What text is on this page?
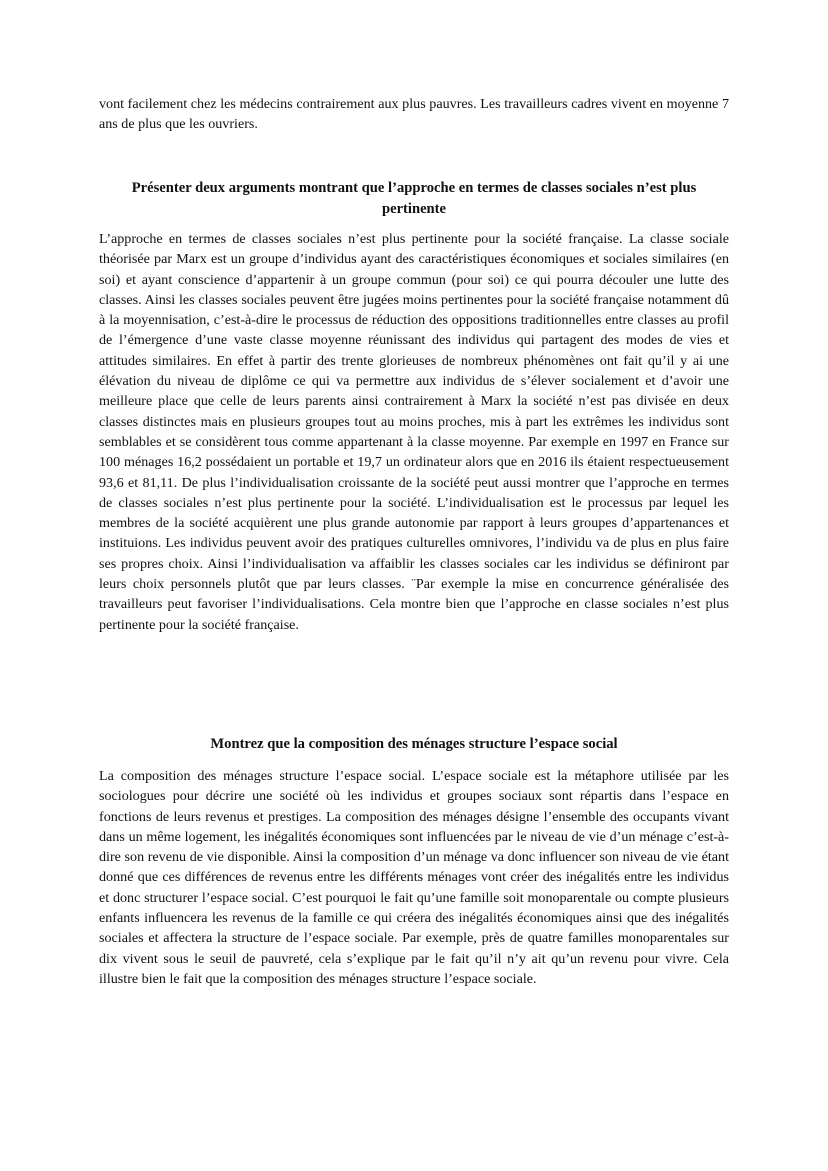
vont facilement chez les médecins contrairement aux plus pauvres. Les travailleurs cadres vivent en moyenne 7 ans de plus que les ouvriers.

Présenter deux arguments montrant que l’approche en termes de classes sociales n’est plus pertinente

L’approche en termes de classes sociales n’est plus pertinente pour la société française. La classe sociale théorisée par Marx est un groupe d’individus ayant des caractéristiques économiques et sociales similaires (en soi) et ayant conscience d’appartenir à un groupe commun (pour soi) ce qui pourra découler une lutte des classes. Ainsi les classes sociales peuvent être jugées moins pertinentes pour la société française notamment dû à la moyennisation, c’est-à-dire le processus de réduction des oppositions traditionnelles entre classes au profil de l’émergence d’une vaste classe moyenne réunissant des individus qui partagent des modes de vies et attitudes similaires. En effet à partir des trente glorieuses de nombreux phénomènes ont fait qu’il y ai une élévation du niveau de diplôme ce qui va permettre aux individus de s’élever socialement et d’avoir une meilleure place que celle de leurs parents ainsi contrairement à Marx la société n’est pas divisée en deux classes distinctes mais en plusieurs groupes tout au moins proches, mis à part les extrêmes les individus sont semblables et se considèrent tous comme appartenant à la classe moyenne. Par exemple en 1997 en France sur 100 ménages 16,2 possédaient un portable et 19,7 un ordinateur alors que en 2016 ils étaient respectueusement 93,6 et 81,11. De plus l’individualisation croissante de la société peut aussi montrer que l’approche en termes de classes sociales n’est plus pertinente pour la société. L’individualisation est le processus par lequel les membres de la société acquièrent une plus grande autonomie par rapport à leurs groupes d’appartenances et instituions. Les individus peuvent avoir des pratiques culturelles omnivores, l’individu va de plus en plus faire ses propres choix. Ainsi l’individualisation va affaiblir les classes sociales car les individus se définiront par leurs choix personnels plutôt que par leurs classes. ¨Par exemple la mise en concurrence généralisée des travailleurs peut favoriser l’individualisations. Cela montre bien que l’approche en classe sociales n’est plus pertinente pour la société française.

Montrez que la composition des ménages structure l’espace social

La composition des ménages structure l’espace social. L’espace sociale est la métaphore utilisée par les sociologues pour décrire une société où les individus et groupes sociaux sont répartis dans l’espace en fonctions de leurs revenus et prestiges. La composition des ménages désigne l’ensemble des occupants vivant dans un même logement, les inégalités économiques sont influencées par le niveau de vie d’un ménage c’est-à-dire son revenu de vie disponible. Ainsi la composition d’un ménage va donc influencer son niveau de vie étant donné que ces différences de revenus entre les différents ménages vont créer des inégalités entre les individus et donc structurer l’espace social. C’est pourquoi le fait qu’une famille soit monoparentale ou compte plusieurs enfants influencera les revenus de la famille ce qui créera des inégalités économiques ainsi que des inégalités sociales et affectera la structure de l’espace sociale. Par exemple, près de quatre familles monoparentales sur dix vivent sous le seuil de pauvreté, cela s’explique par le fait qu’il n’y ait qu’un revenu pour vivre. Cela illustre bien le fait que la composition des ménages structure l’espace sociale.
